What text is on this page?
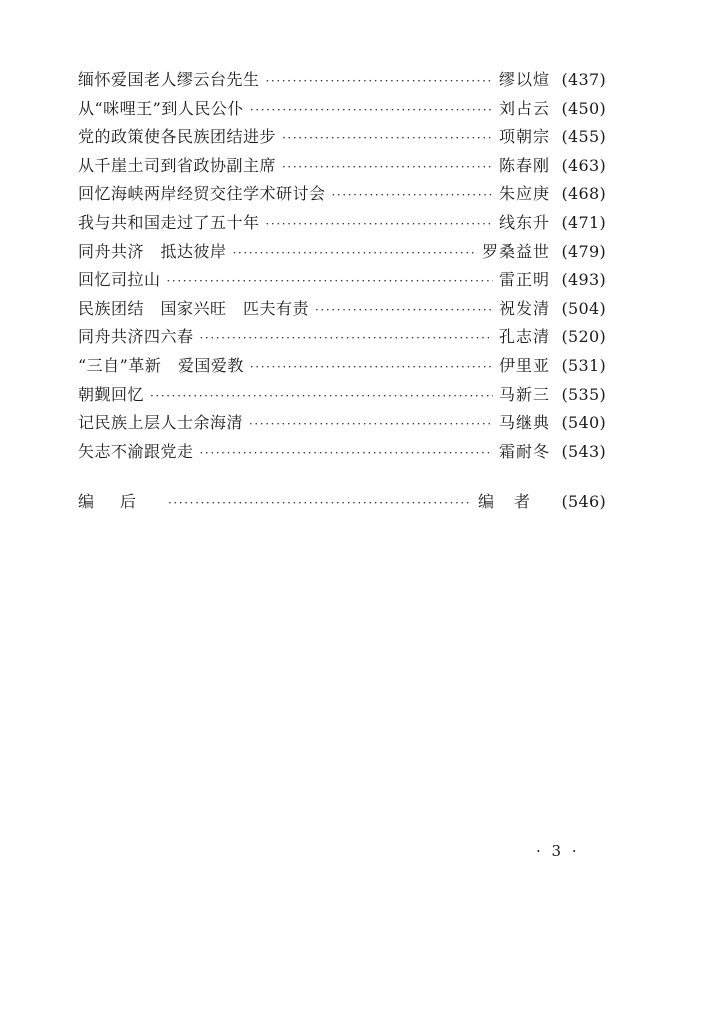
缅怀爱国老人缪云台先生 ·····	缪以煊 (437)
从“咪哩王”到人民公仆 ·····	刘占云 (450)
党的政策使各民族团结进步 ·····	项朝宗 (455)
从千崖土司到省政协副主席 ·····	陈春刚 (463)
回忆海峡两岸经贸交往学术研讨会 ·····	朱应庚 (468)
我与共和国走过了五十年 ·····	线东升 (471)
同舟共济　抵达彼岸 ·····	罗桑益世 (479)
回忆司拉山 ·····	雷正明 (493)
民族团结　国家兴旺　匹夫有责 ·····	祝发清 (504)
同舟共济四六春 ·····	孔志清 (520)
“三自”革新　爱国爱教 ·····	伊里亚 (531)
朝觐回忆 ·····	马新三 (535)
记民族上层人士余海清 ·····	马继典 (540)
矢志不渝跟党走 ·····	霜耐冬 (543)
编后 ·····	编者 (546)
· 3 ·
